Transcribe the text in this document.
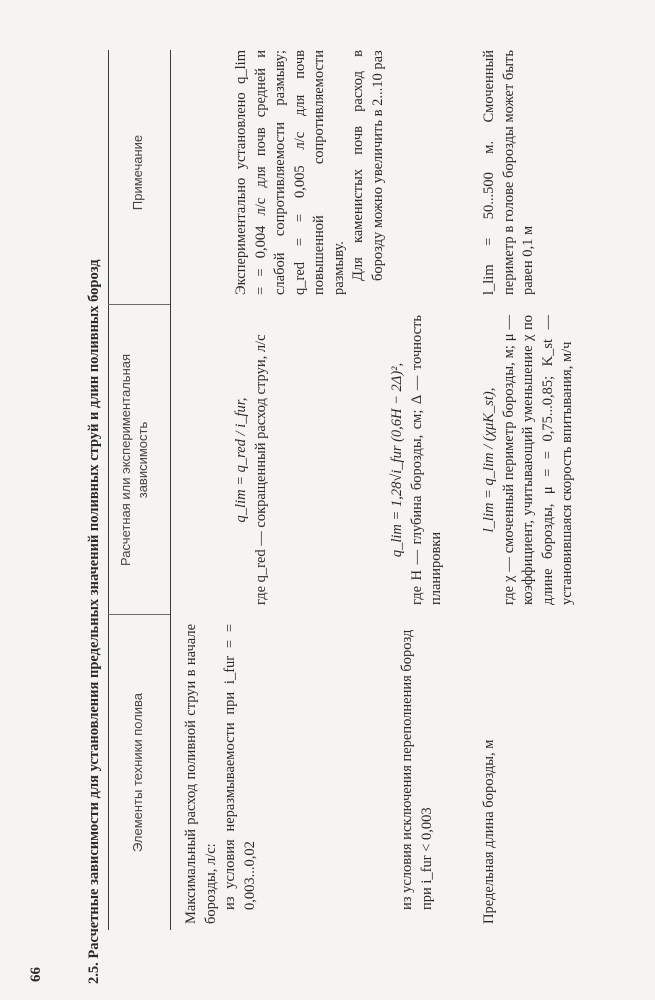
66	2.5. Расчетные зависимости для установления предельных значений поливных струй и длин поливных борозд Элементы техники полива
Расчетная или экспериментальная зависимость
Примечание

Максимальный расход поливной струи в начале борозды, л/с: из условия неразмываемости при i_fur = = 0,003...0,02

q_lim = q_red / i_fur, где q_red — сокращенный расход струи, л/с

Экспериментально установлено q_lim = = 0,004 л/с для почв средней и слабой сопротивляемости размыву; q_red = = 0,005 л/с для почв повышенной сопротивляемости размыву. Для каменистых почв расход в борозду можно увеличить в 2...10 раз

из условия исключения переполнения борозд при i_fur < 0,003

q_lim = 1,28√i_fur (0,6H − 2Δ)², где H — глубина борозды, см; Δ — точность планировки

Предельная длина борозды, м

l_lim = q_lim / (χμK_st), где χ — смоченный периметр борозды, м; μ — коэффициент, учитывающий уменьшение χ по длине борозды, μ = = 0,75...0,85; K_st — установившаяся скорость впитывания, м/ч

l_lim = 50...500 м. Смоченный периметр в голове борозды может быть равен 0,1 м
